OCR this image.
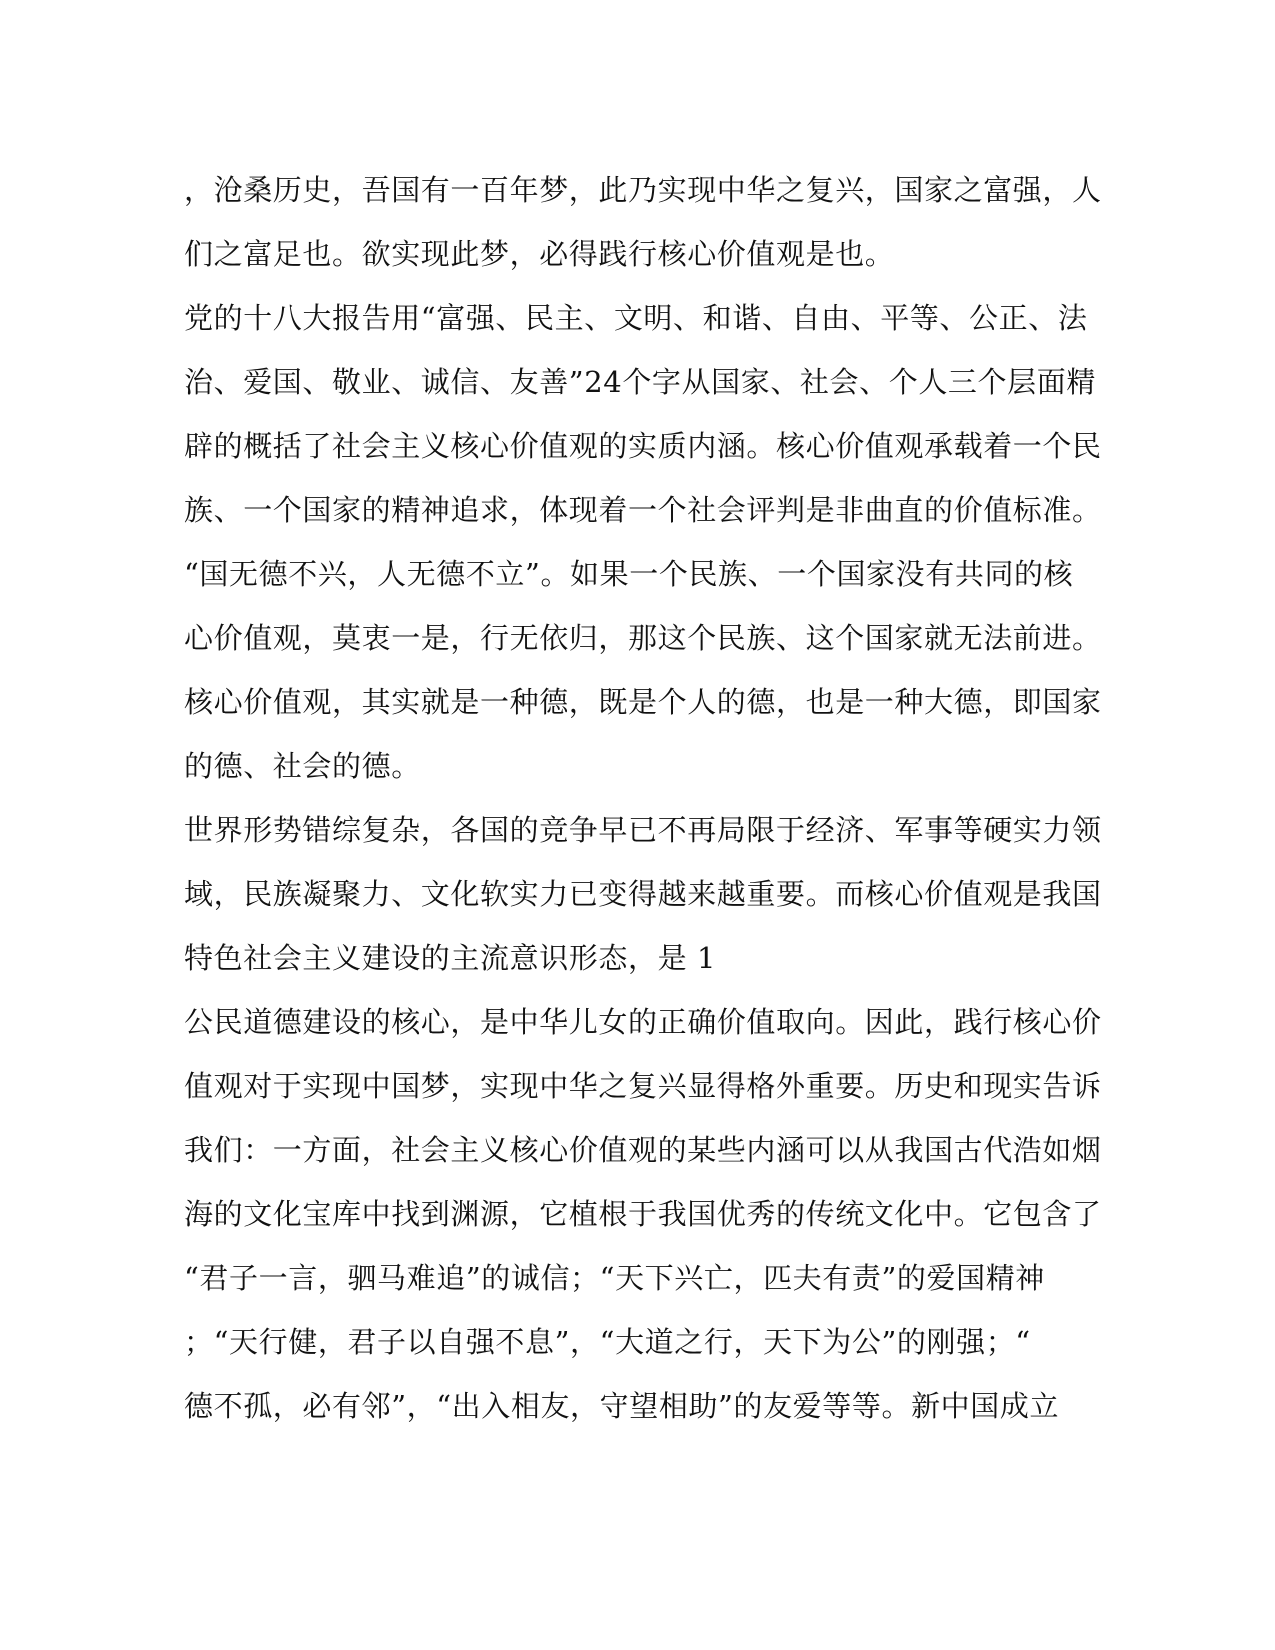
，沧桑历史，吾国有一百年梦，此乃实现中华之复兴，国家之富强，人
们之富足也。欲实现此梦，必得践行核心价值观是也。
党的十八大报告用“富强、民主、文明、和谐、自由、平等、公正、法
治、爱国、敬业、诚信、友善”24个字从国家、社会、个人三个层面精
辟的概括了社会主义核心价值观的实质内涵。核心价值观承载着一个民
族、一个国家的精神追求，体现着一个社会评判是非曲直的价值标准。
“国无德不兴，人无德不立”。如果一个民族、一个国家没有共同的核
心价值观，莫衷一是，行无依归，那这个民族、这个国家就无法前进。
核心价值观，其实就是一种德，既是个人的德，也是一种大德，即国家
的德、社会的德。
世界形势错综复杂，各国的竞争早已不再局限于经济、军事等硬实力领
域，民族凝聚力、文化软实力已变得越来越重要。而核心价值观是我国
特色社会主义建设的主流意识形态，是 1
公民道德建设的核心，是中华儿女的正确价值取向。因此，践行核心价
值观对于实现中国梦，实现中华之复兴显得格外重要。历史和现实告诉
我们：一方面，社会主义核心价值观的某些内涵可以从我国古代浩如烟
海的文化宝库中找到渊源，它植根于我国优秀的传统文化中。它包含了
“君子一言，驷马难追”的诚信；“天下兴亡，匹夫有责”的爱国精神
；“天行健，君子以自强不息”，“大道之行，天下为公”的刚强；“
德不孤，必有邻”，“出入相友，守望相助”的友爱等等。新中国成立
